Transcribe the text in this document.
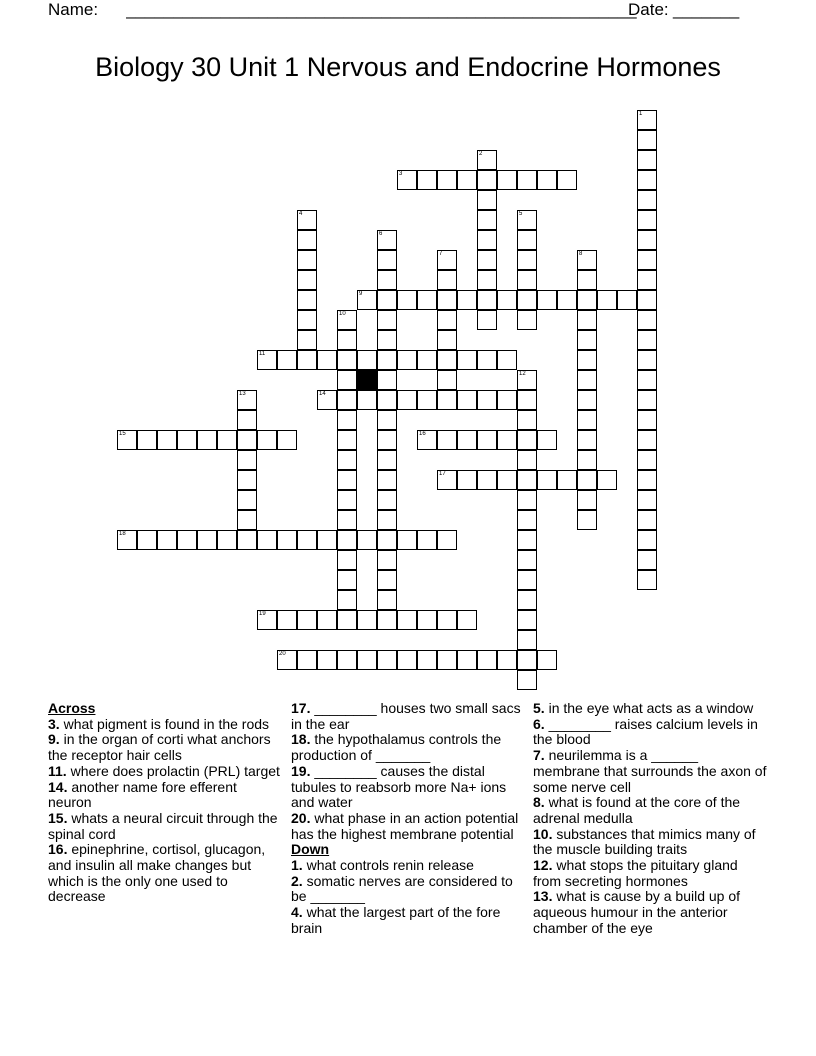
Name: ______________________________________________________
Date: _______
Biology 30 Unit 1 Nervous and Endocrine Hormones
1
2
3
4	5
6
7	8
9
10
11
12
13	14
15	16
17
18
19
20
Across
3. what pigment is found in the rods
9. in the organ of corti what anchors the receptor hair cells
11. where does prolactin (PRL) target
14. another name fore efferent neuron
15. whats a neural circuit through the spinal cord
16. epinephrine, cortisol, glucagon, and insulin all make changes but which is the only one used to decrease
17. ________ houses two small sacs in the ear
18. the hypothalamus controls the production of _______
19. ________ causes the distal tubules to reabsorb more Na+ ions and water
20. what phase in an action potential has the highest membrane potential
Down
1. what controls renin release
2. somatic nerves are considered to be _______
4. what the largest part of the fore brain
5. in the eye what acts as a window
6. ________ raises calcium levels in the blood
7. neurilemma is a ______ membrane that surrounds the axon of some nerve cell
8. what is found at the core of the adrenal medulla
10. substances that mimics many of the muscle building traits
12. what stops the pituitary gland from secreting hormones
13. what is cause by a build up of aqueous humour in the anterior chamber of the eye
